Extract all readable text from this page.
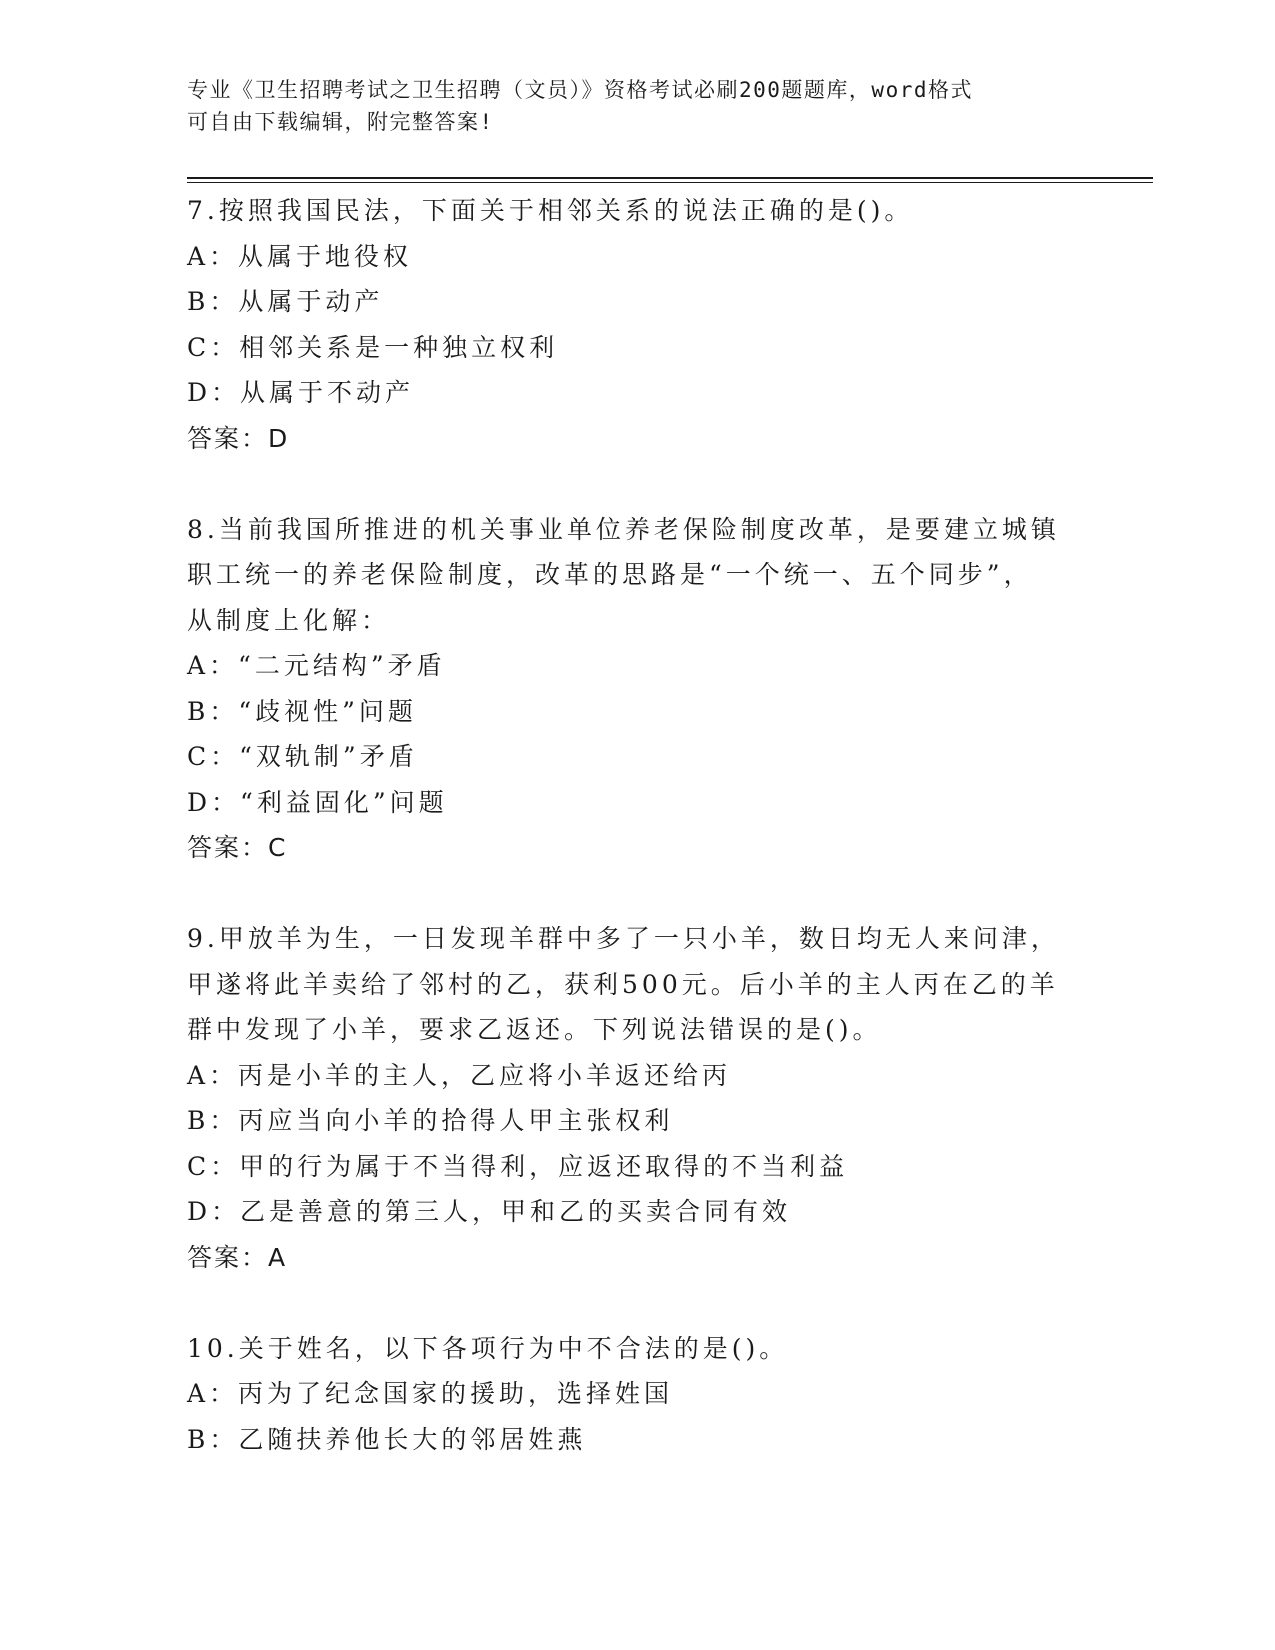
专业《卫生招聘考试之卫生招聘（文员）》资格考试必刷200题题库，word格式

可自由下载编辑，附完整答案!

7.按照我国民法，下面关于相邻关系的说法正确的是()。
A：从属于地役权
B：从属于动产
C：相邻关系是一种独立权利
D：从属于不动产
答案：D
8.当前我国所推进的机关事业单位养老保险制度改革，是要建立城镇
职工统一的养老保险制度，改革的思路是“一个统一、五个同步”，
从制度上化解：
A：“二元结构”矛盾
B：“歧视性”问题
C：“双轨制”矛盾
D：“利益固化”问题
答案：C
9.甲放羊为生，一日发现羊群中多了一只小羊，数日均无人来问津，
甲遂将此羊卖给了邻村的乙，获利500元。后小羊的主人丙在乙的羊
群中发现了小羊，要求乙返还。下列说法错误的是()。
A：丙是小羊的主人，乙应将小羊返还给丙
B：丙应当向小羊的拾得人甲主张权利
C：甲的行为属于不当得利，应返还取得的不当利益
D：乙是善意的第三人，甲和乙的买卖合同有效
答案：A
10.关于姓名，以下各项行为中不合法的是()。
A：丙为了纪念国家的援助，选择姓国
B：乙随扶养他长大的邻居姓燕
